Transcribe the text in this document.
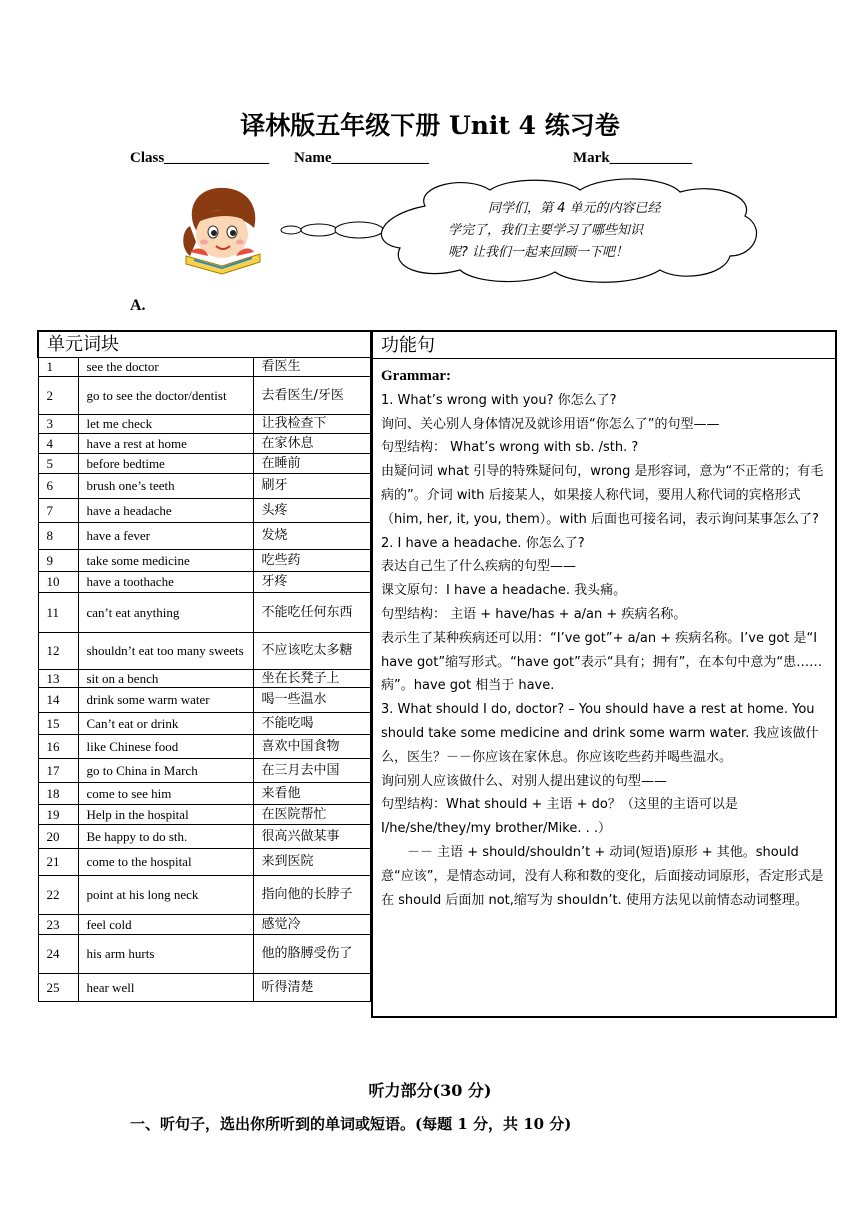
译林版五年级下册 Unit 4 练习卷
Class______________ Name_____________	Mark___________
同学们，第 4 单元的内容已经
学完了，我们主要学习了哪些知识
呢? 让我们一起来回顾一下吧！
A.
单元词块		
1	see the doctor	看医生
2	go to see the doctor/dentist	去看医生/牙医
3	let me check	让我检查下
4	have a rest at home	在家休息
5	before bedtime	在睡前
6	brush one’s teeth	刷牙
7	have a headache	头疼
8	have a fever	发烧
9	take some medicine	吃些药
10	have a toothache	牙疼
11	can’t eat anything	不能吃任何东西
12	shouldn’t eat too many sweets	不应该吃太多糖
13	sit on a bench	坐在长凳子上
14	drink some warm water	喝一些温水
15	Can’t eat or drink	不能吃喝
16	like Chinese food	喜欢中国食物
17	go to China in March	在三月去中国
18	come to see him	来看他
19	Help in the hospital	在医院帮忙
20	Be happy to do sth.	很高兴做某事
21	come to the hospital	来到医院
22	point at his long neck	指向他的长脖子
23	feel cold	感觉冷
24	his arm hurts	他的胳膊受伤了
25	hear well	听得清楚
功能句

Grammar:

1. What’s wrong with you? 你怎么了?

询问、关心别人身体情况及就诊用语“你怎么了”的句型——

句型结构： What’s wrong with sb. /sth. ?

由疑问词 what 引导的特殊疑问句，wrong 是形容词，意为“不正常的；有毛病的”。介词 with 后接某人，如果接人称代词，要用人称代词的宾格形式（him, her, it, you, them）。with 后面也可接名词，表示询问某事怎么了?

2. I have a headache. 你怎么了?

表达自己生了什么疾病的句型——

课文原句：I have a headache. 我头痛。

句型结构： 主语 + have/has + a/an + 疾病名称。

表示生了某种疾病还可以用：“I’ve got”+ a/an + 疾病名称。I’ve got 是“I have got”缩写形式。“have got”表示“具有；拥有”，在本句中意为“患……病”。have got 相当于 have.

3. What should I do, doctor? – You should have a rest at home. You should take some medicine and drink some warm water. 我应该做什么，医生？－－你应该在家休息。你应该吃些药并喝些温水。

询问别人应该做什么、对别人提出建议的句型——

句型结构：What should + 主语 + do？（这里的主语可以是 I/he/she/they/my brother/Mike. . .）

－－ 主语 + should/shouldn’t + 动词(短语)原形 + 其他。should 意“应该”，是情态动词，没有人称和数的变化，后面接动词原形，否定形式是在 should 后面加 not,缩写为 shouldn’t. 使用方法见以前情态动词整理。

听力部分(30 分)
一、听句子，选出你所听到的单词或短语。(每题 1 分，共 10 分)
